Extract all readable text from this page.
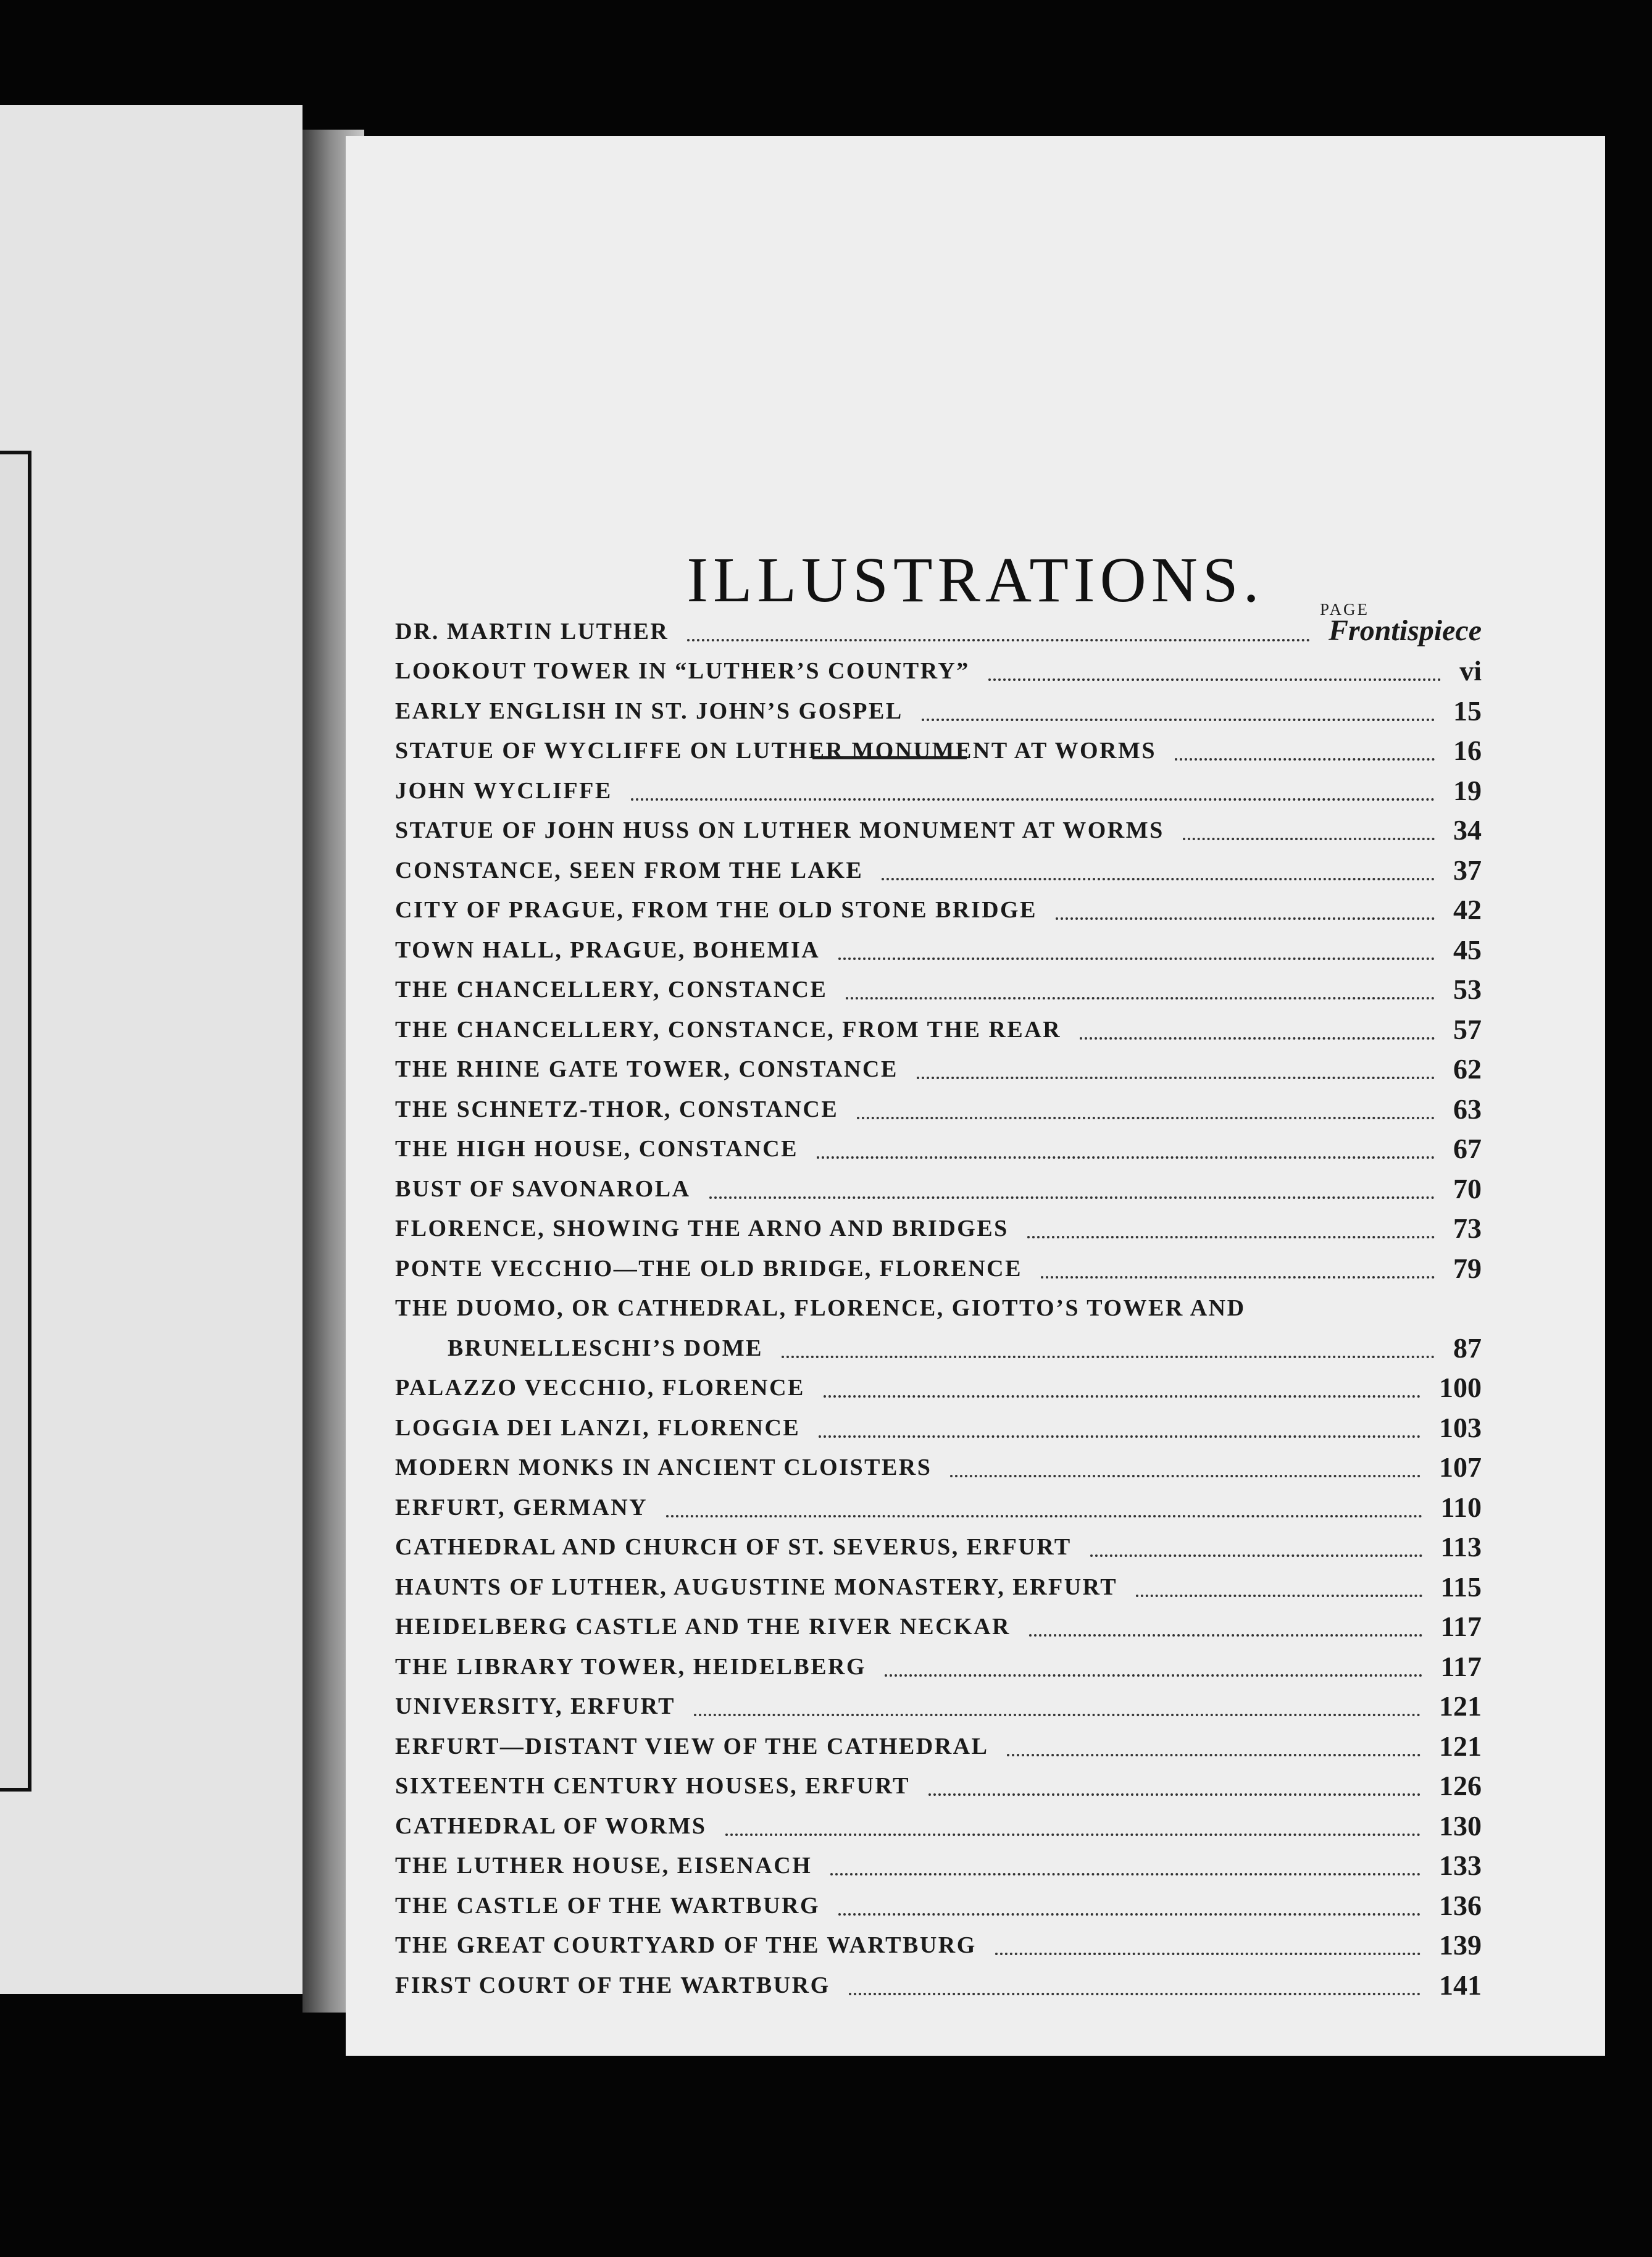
ILLUSTRATIONS.	PAGE
DR. MARTIN LUTHER	Frontispiece
LOOKOUT TOWER IN “LUTHER’S COUNTRY”	vi
EARLY ENGLISH IN ST. JOHN’S GOSPEL	15
STATUE OF WYCLIFFE ON LUTHER MONUMENT AT WORMS	16
JOHN WYCLIFFE	19
STATUE OF JOHN HUSS ON LUTHER MONUMENT AT WORMS	34
CONSTANCE, SEEN FROM THE LAKE	37
CITY OF PRAGUE, FROM THE OLD STONE BRIDGE	42
TOWN HALL, PRAGUE, BOHEMIA	45
THE CHANCELLERY, CONSTANCE	53
THE CHANCELLERY, CONSTANCE, FROM THE REAR	57
THE RHINE GATE TOWER, CONSTANCE	62
THE SCHNETZ-THOR, CONSTANCE	63
THE HIGH HOUSE, CONSTANCE	67
BUST OF SAVONAROLA	70
FLORENCE, SHOWING THE ARNO AND BRIDGES	73
PONTE VECCHIO—THE OLD BRIDGE, FLORENCE	79
THE DUOMO, OR CATHEDRAL, FLORENCE, GIOTTO’S TOWER AND
BRUNELLESCHI’S DOME	87
PALAZZO VECCHIO, FLORENCE	100
LOGGIA DEI LANZI, FLORENCE	103
MODERN MONKS IN ANCIENT CLOISTERS	107
ERFURT, GERMANY	110
CATHEDRAL AND CHURCH OF ST. SEVERUS, ERFURT	113
HAUNTS OF LUTHER, AUGUSTINE MONASTERY, ERFURT	115
HEIDELBERG CASTLE AND THE RIVER NECKAR	117
THE LIBRARY TOWER, HEIDELBERG	117
UNIVERSITY, ERFURT	121
ERFURT—DISTANT VIEW OF THE CATHEDRAL	121
SIXTEENTH CENTURY HOUSES, ERFURT	126
CATHEDRAL OF WORMS	130
THE LUTHER HOUSE, EISENACH	133
THE CASTLE OF THE WARTBURG	136
THE GREAT COURTYARD OF THE WARTBURG	139
FIRST COURT OF THE WARTBURG	141
